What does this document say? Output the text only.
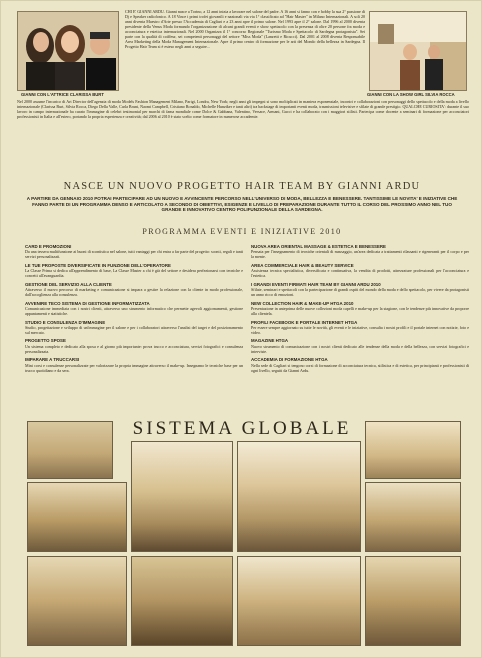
GIANNI CON L'ATTRICE CLARISSA BURT	GIANNI CON LA SHOW GIRL SILVIA ROCCA
CHI E' GIANNI ARDU. Gianni nasce a Torino, a 12 anni inizia a lavorare nel salone del padre. A 16 anni si fanno con e hobby la sua 2° passione di Dj e Speaker radiofonico. A 18 Vince i primi trofei giovanili e nazionali via via 1° classificato ad "Hair Master" in Milano Internazionali. A soli 20 anni diventa Maestro d'Arte presso l'Accademia di Cagliari e a 23 anni apre il primo salone. Nel 1993 apre il 2° salone. Dal 1996 al 2000 diventa presidente della Venus Moda formando l'organizzazione di alcuni grandi eventi e show spettacolo con la presenza di oltre 20 persone fra moda e acconciatura e estetica internazionali. Nel 2000 Organizza il 1° concorso Regionale "Turismo Moda e Spettacolo di Sardegna protagonista". Sei parte con la qualità di coiffeur, sei competenti personaggi del settore "Miss Moda" (Lanzetti e Ricucci). Dal 2001 al 2008 diventa Responsabile Area Marketing della Moda Management Internazionale. Apre il primo centro di formazione per le arti del Mondo della bellezza in Sardegna. Il Progetto Hair Team si è esteso negli anni a seguire...
Nel 2000 assume l'incarico di Art Director dell'agenzia di moda Models Fashion Management Milano, Parigi, Londra, New York; negli anni gli impegni si sono moltiplicati in maniera esponenziale, incontri e collaborazioni con personaggi dello spettacolo e della moda a livello internazionale (Clarissa Burt, Silvia Rocca, Diego Della Valle, Carla Bruni, Naomi Campbell, Cristiano Ronaldo, Michelle Hunziker e tanti altri) tra backstage di importanti eventi moda, trasmissioni televisive e sfilate di grande prestigio. QUALCHE CURIOSITA': durante il suo lavoro in campo internazionale ha curato l'immagine di celebri testimonial per marchi di fama mondiale come Dolce & Gabbana, Valentino, Versace, Armani, Gucci e ha collaborato con i maggiori stilisti. Partecipa come docente a seminari di formazione per acconciatori professionisti in Italia e all'estero, portando la propria esperienza e creatività; dal 2006 al 2010 è stato scelto come formatore in numerose accademie.
NASCE UN NUOVO PROGETTO HAIR TEAM BY GIANNI ARDU
A PARTIRE DA GENNAIO 2010 POTRAI PARTECIPARE AD UN NUOVO E AVVINCENTE PERCORSO NELL'UNIVERSO DI MODA, BELLEZZA E BENESSERE. TANTISSIME LE NOVITA' E INIZIATIVE CHE FANNO PARTE DI UN PROGRAMMA DENSO E ARTICOLATO A SECONDO DI OBIETTIVI, ESIGENZE E LIVELLO DI PREPARAZIONE DURANTE TUTTO IL CORSO DEL PROSSIMO ANNO NEL TUO GRANDE E INNOVATIVO CENTRO POLIFUNZIONALE DELLA SARDEGNA.
PROGRAMMA EVENTI E INIZIATIVE 2010
CARD E PROMOZIONI
Da una tessera multifunzione ai buoni di scontistica nel salone, tutti vantaggi per chi entra a far parte del progetto: sconti, regali e tanti servizi personalizzati.
LE TUE PROPOSTE DIVERSIFICATE IN FUNZIONE DELL'OPERATORE
La Classe Prima si dedica all'apprendimento di base, La Classe Master a chi è già del settore e desidera perfezionarsi con tecniche e concetti all'avanguardia.
GESTIONE DEL SERVIZIO ALLA CLIENTE
Attraverso il nuovo percorso di marketing e comunicazione si impara a gestire la relazione con la cliente in modo professionale, dall'accoglienza alla consulenza.
AVVENIRE TECO SISTEMA DI GESTIONE INFORMATIZZATA
Comunicazione immediata con i nostri clienti, attraverso uno strumento informatico che permette agevoli aggiornamenti, gestione appuntamenti e statistiche.
STUDIO E CONSULENZA D'IMMAGINE
Studio, progettazione e sviluppo di un'immagine per il salone e per i collaboratori attraverso l'analisi del target e del posizionamento sul mercato.
PROGETTO SPOSE
Un sistema completo e dedicato alla sposa e al giorno più importante: prova trucco e acconciatura, servizi fotografici e consulenza personalizzata.
IMPARARE A TRUCCARSI
Mini corsi e consulenze personalizzate per valorizzare la propria immagine attraverso il make-up. Insegnamo le tecniche base per un trucco quotidiano e da sera.
NUOVA AREA ORIENTAL MASSAGE & ESTETICA E BENESSERE
Pensata per l'insegnamento di tecniche orientali di massaggio, un'area dedicata a trattamenti rilassanti e rigeneranti per il corpo e per la mente.
AREA COMMERCIALE HAIR & BEAUTY SERVICE
Assistenza tecnica specialistica, diversificata e continuativa, la vendita di prodotti, attrezzature professionali per l'acconciatura e l'estetica.
I GRANDI EVENTI FIRMATI HAIR TEAM BY GIANNI ARDU 2010
Sfilate, seminari e spettacoli con la partecipazione di grandi ospiti del mondo della moda e dello spettacolo, per vivere da protagonisti un anno ricco di emozioni.
NEW COLLECTION HAIR & MAKE-UP HTGA 2010
Presentazione in anteprima delle nuove collezioni moda capelli e make-up per la stagione, con le tendenze più innovative da proporre alla clientela.
PROFILI FACEBOOK E PORTALE INTERNET HTGA
Per essere sempre aggiornato su tutte le novità, gli eventi e le iniziative, consulta i nostri profili e il portale internet con notizie, foto e video.
MAGAZINE HTGA
Nuovo strumento di comunicazione con i nostri clienti dedicato alle tendenze della moda e della bellezza, con servizi fotografici e interviste.
ACCADEMIA DI FORMAZIONE HTGA
Nella sede di Cagliari si tengono corsi di formazione di acconciatura tecnica, stilistica e di estetica, per principianti e professionisti di ogni livello, seguiti da Gianni Ardu.
SISTEMA GLOBALE
